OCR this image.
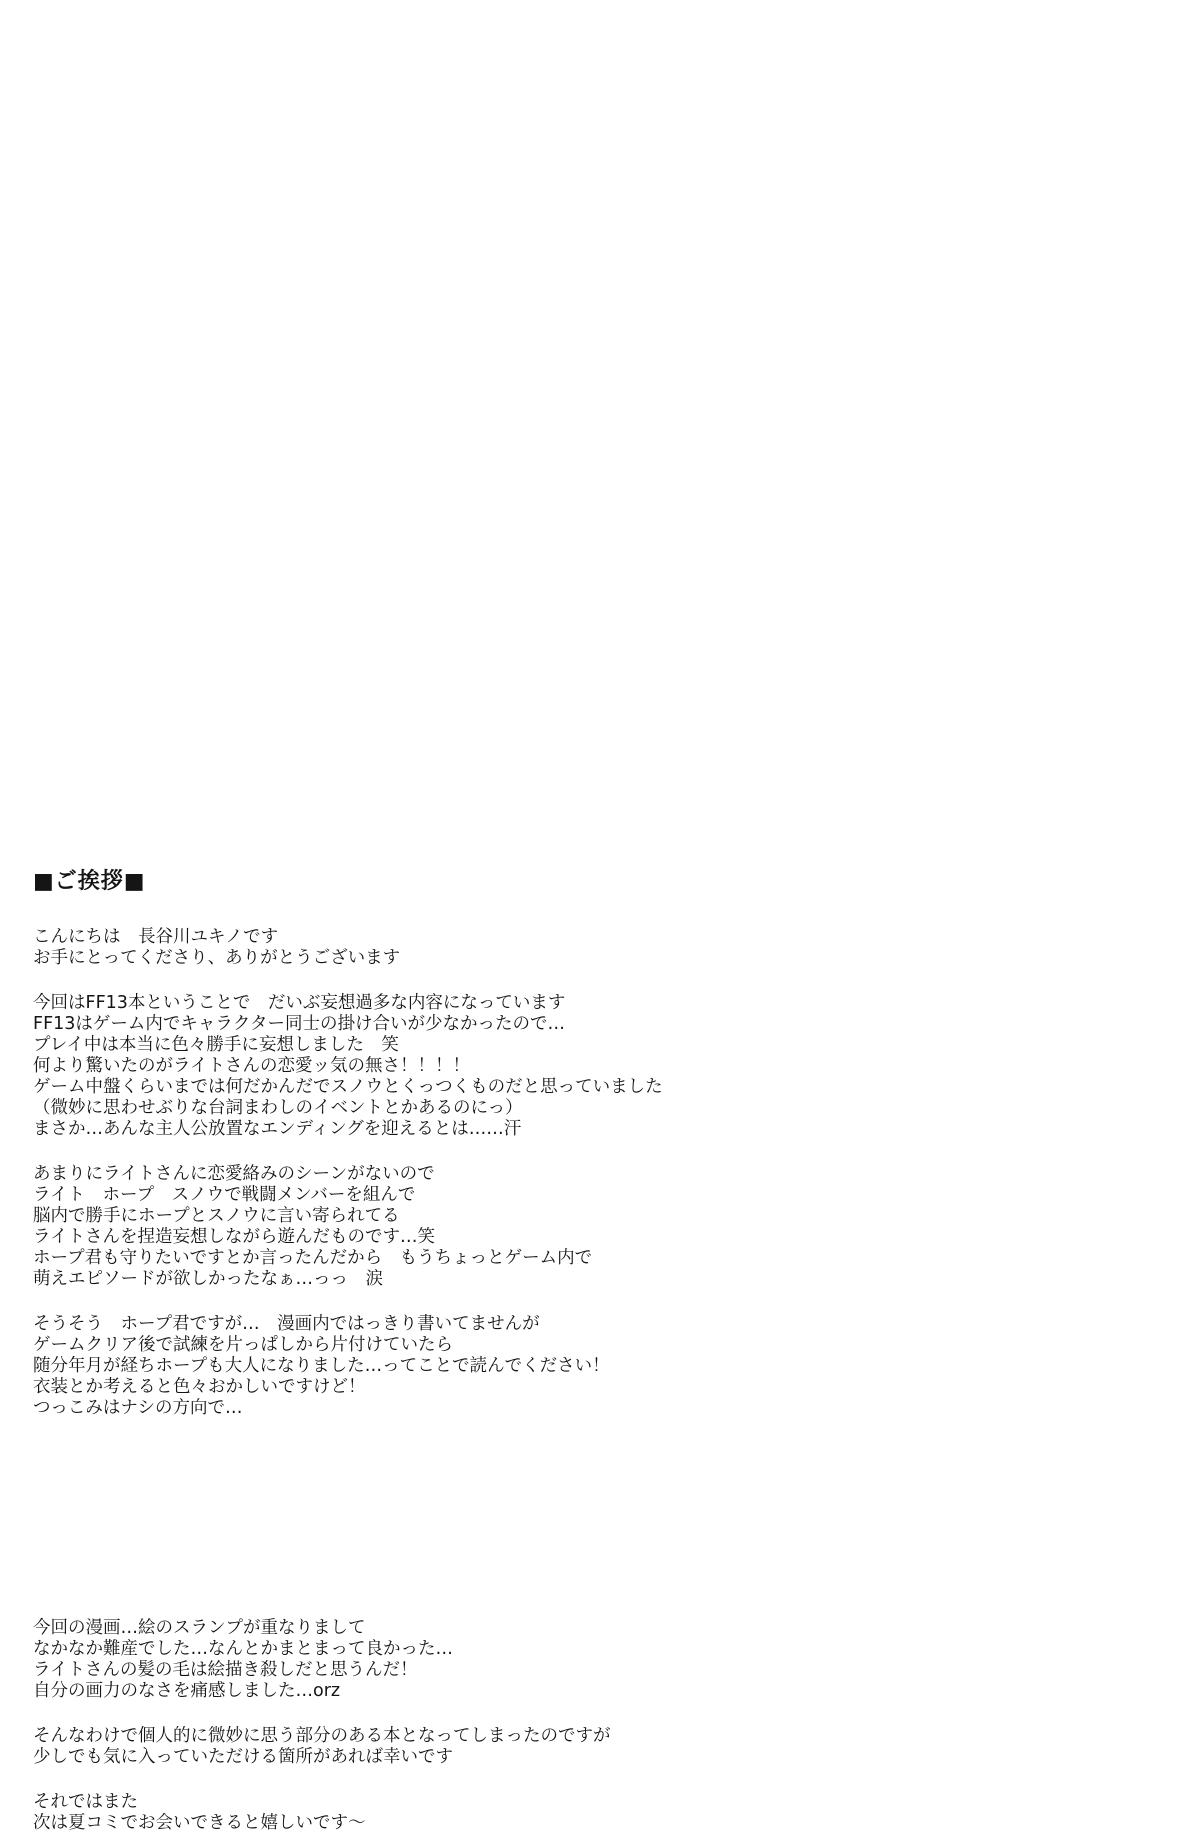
■ご挨拶■
こんにちは　長谷川ユキノです
お手にとってくださり、ありがとうございます
今回はFF13本ということで　だいぶ妄想過多な内容になっています
FF13はゲーム内でキャラクター同士の掛け合いが少なかったので…
プレイ中は本当に色々勝手に妄想しました　笑
何より驚いたのがライトさんの恋愛ッ気の無さ！！！！
ゲーム中盤くらいまでは何だかんだでスノウとくっつくものだと思っていました
（微妙に思わせぶりな台詞まわしのイベントとかあるのにっ）
まさか…あんな主人公放置なエンディングを迎えるとは……汗
あまりにライトさんに恋愛絡みのシーンがないので
ライト　ホープ　スノウで戦闘メンバーを組んで
脳内で勝手にホープとスノウに言い寄られてる
ライトさんを捏造妄想しながら遊んだものです…笑
ホープ君も守りたいですとか言ったんだから　もうちょっとゲーム内で
萌えエピソードが欲しかったなぁ…っっ　涙
そうそう　ホープ君ですが…　漫画内ではっきり書いてませんが
ゲームクリア後で試練を片っぱしから片付けていたら
随分年月が経ちホープも大人になりました…ってことで読んでください！
衣装とか考えると色々おかしいですけど！
つっこみはナシの方向で…
今回の漫画…絵のスランプが重なりまして
なかなか難産でした…なんとかまとまって良かった…
ライトさんの髪の毛は絵描き殺しだと思うんだ！
自分の画力のなさを痛感しました…orz
そんなわけで個人的に微妙に思う部分のある本となってしまったのですが
少しでも気に入っていただける箇所があれば幸いです
それではまた
次は夏コミでお会いできると嬉しいです～
